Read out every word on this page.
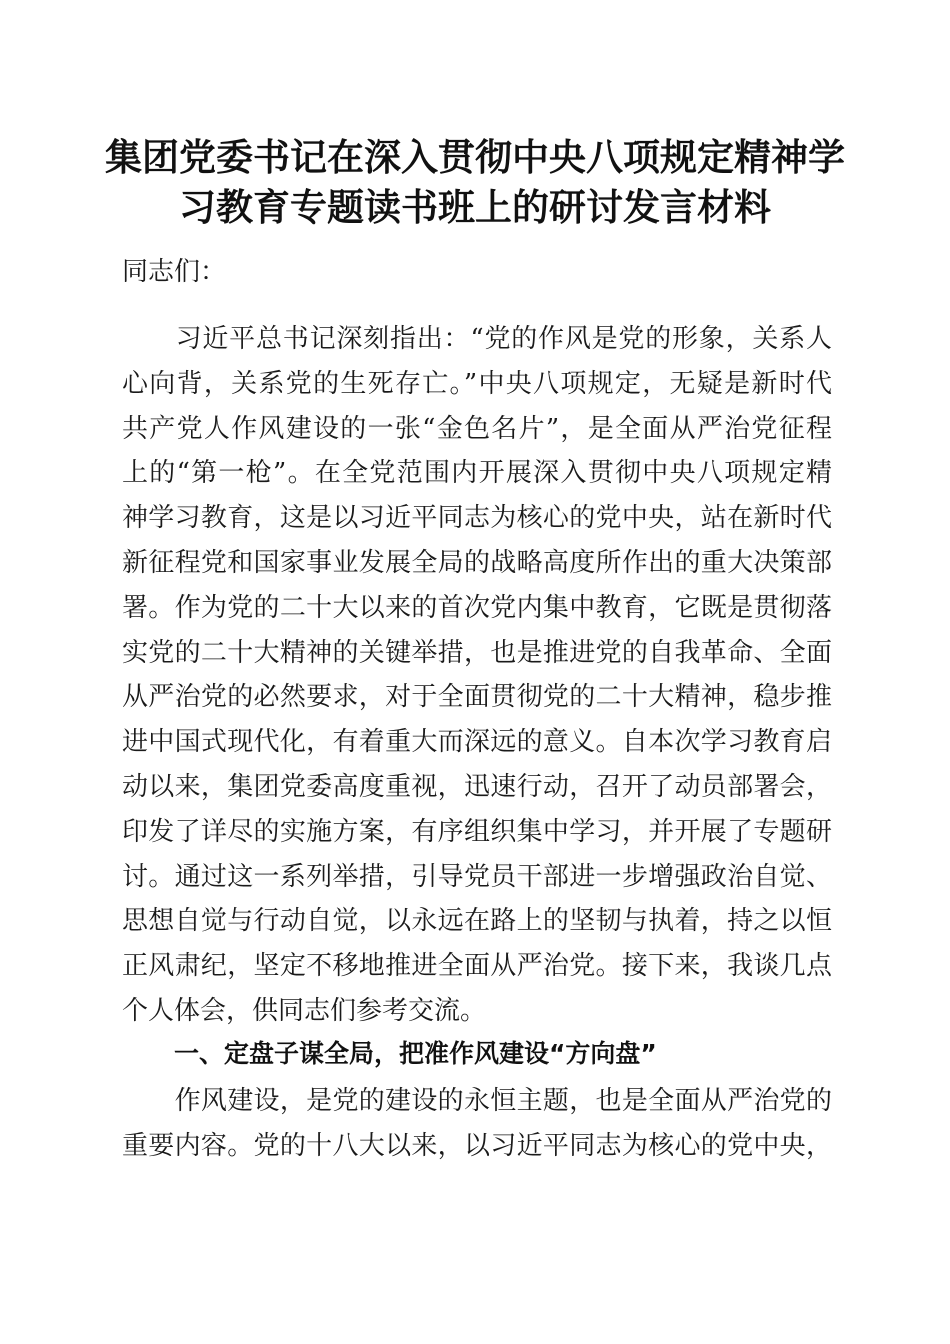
集团党委书记在深入贯彻中央八项规定精神学
习教育专题读书班上的研讨发言材料

同志们：

　　习近平总书记深刻指出：“党的作风是党的形象，关系人
心向背，关系党的生死存亡。”中央八项规定，无疑是新时代
共产党人作风建设的一张“金色名片”，是全面从严治党征程
上的“第一枪”。在全党范围内开展深入贯彻中央八项规定精
神学习教育，这是以习近平同志为核心的党中央，站在新时代
新征程党和国家事业发展全局的战略高度所作出的重大决策部
署。作为党的二十大以来的首次党内集中教育，它既是贯彻落
实党的二十大精神的关键举措，也是推进党的自我革命、全面
从严治党的必然要求，对于全面贯彻党的二十大精神，稳步推
进中国式现代化，有着重大而深远的意义。自本次学习教育启
动以来，集团党委高度重视，迅速行动，召开了动员部署会，
印发了详尽的实施方案，有序组织集中学习，并开展了专题研
讨。通过这一系列举措，引导党员干部进一步增强政治自觉、
思想自觉与行动自觉，以永远在路上的坚韧与执着，持之以恒
正风肃纪，坚定不移地推进全面从严治党。接下来，我谈几点
个人体会，供同志们参考交流。
一、定盘子谋全局，把准作风建设“方向盘”
　　作风建设，是党的建设的永恒主题，也是全面从严治党的
重要内容。党的十八大以来，以习近平同志为核心的党中央，
